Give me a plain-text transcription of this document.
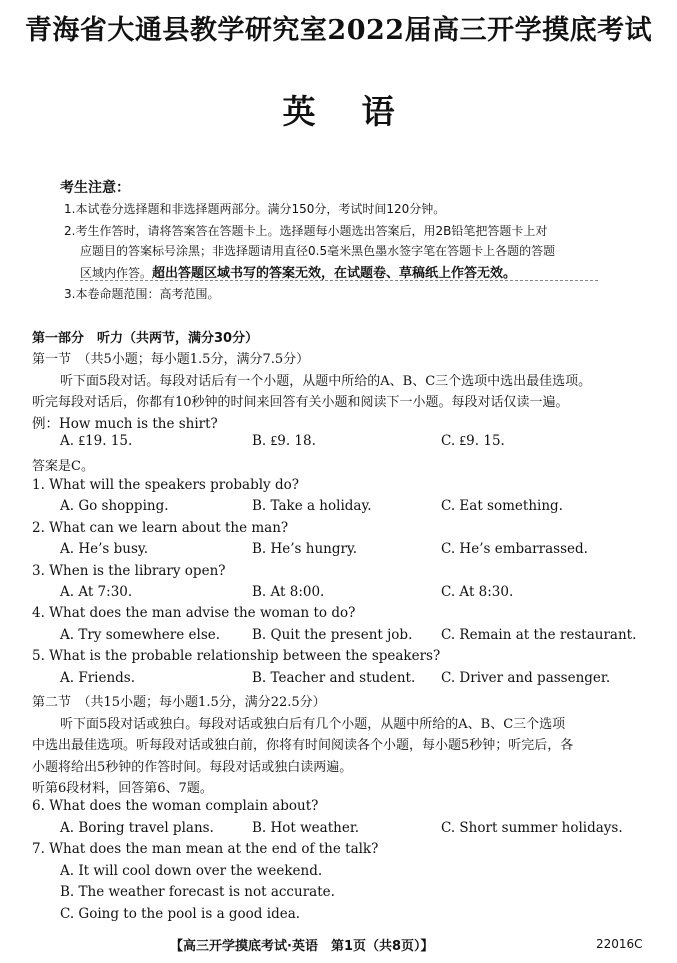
青海省大通县教学研究室2022届高三开学摸底考试
英语
考生注意：
1.本试卷分选择题和非选择题两部分。满分150分，考试时间120分钟。
2.考生作答时，请将答案答在答题卡上。选择题每小题选出答案后，用2B铅笔把答题卡上对
应题目的答案标号涂黑；非选择题请用直径0.5毫米黑色墨水签字笔在答题卡上各题的答题
区域内作答。超出答题区域书写的答案无效，在试题卷、草稿纸上作答无效。
3.本卷命题范围：高考范围。
第一部分　听力（共两节，满分30分）
第一节　（共5小题；每小题1.5分，满分7.5分）
听下面5段对话。每段对话后有一个小题，从题中所给的A、B、C三个选项中选出最佳选项。
听完每段对话后，你都有10秒钟的时间来回答有关小题和阅读下一小题。每段对话仅读一遍。
例：How much is the shirt?
A. ₤19. 15.	B. ₤9. 18.	C. ₤9. 15.
答案是C。
1. What will the speakers probably do?
A. Go shopping.	B. Take a holiday.	C. Eat something.
2. What can we learn about the man?
A. He’s busy.	B. He’s hungry.	C. He’s embarrassed.
3. When is the library open?
A. At 7:30.	B. At 8:00.	C. At 8:30.
4. What does the man advise the woman to do?
A. Try somewhere else. B. Quit the present job. C. Remain at the restaurant.
5. What is the probable relationship between the speakers?
A. Friends.	B. Teacher and student. C. Driver and passenger.
第二节　（共15小题；每小题1.5分，满分22.5分）
听下面5段对话或独白。每段对话或独白后有几个小题，从题中所给的A、B、C三个选项
中选出最佳选项。听每段对话或独白前，你将有时间阅读各个小题，每小题5秒钟；听完后，各
小题将给出5秒钟的作答时间。每段对话或独白读两遍。
听第6段材料，回答第6、7题。
6. What does the woman complain about?
A. Boring travel plans.	B. Hot weather.	C. Short summer holidays.
7. What does the man mean at the end of the talk?
A. It will cool down over the weekend.
B. The weather forecast is not accurate.
C. Going to the pool is a good idea.
【高三开学摸底考试·英语　第1页（共8页）】	22016C
